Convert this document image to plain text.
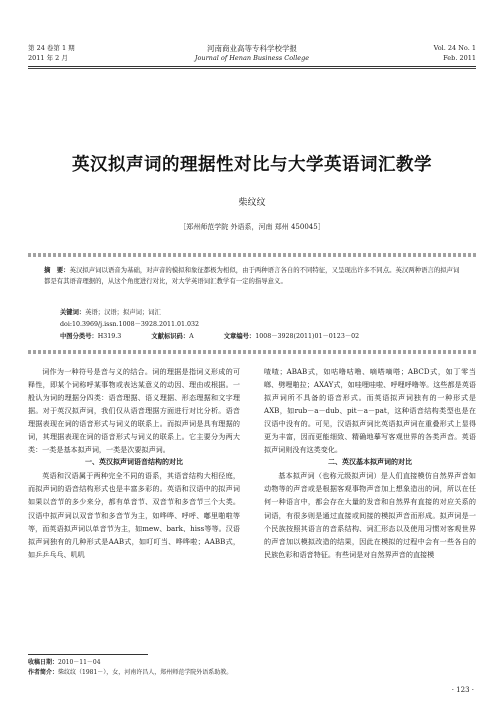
第 24 卷第 1 期
2011 年 2 月
河南商业高等专科学校学报
Journal of Henan Business College
Vol. 24 No. 1
Feb. 2011
英汉拟声词的理据性对比与大学英语词汇教学
柴纹纹
［郑州师范学院 外语系，河南 郑州 450045］
摘　要：英汉拟声词以语音为基础，对声音的模拟和象征都极为相似，由于两种语言各自的不同特征，又呈现出许多不同点。英汉两种语言的拟声词都是有其语音理据的，从这个角度进行对比，对大学英语词汇教学有一定的指导意义。
关键词：英语；汉语；拟声词；词汇
doi:10.3969/j.issn.1008－3928.2011.01.032
中图分类号：H319.3	文献标识码：A	文章编号：1008－3928(2011)01－0123－02

词作为一种符号是音与义的结合。词的理据是指词义形成的可释性，即某个词称呼某事物或表达某意义的动因、理由或根据。一般认为词的理据分四类：语音理据、语义理据、形态理据和文字理据。对于英汉拟声词，我们仅从语音理据方面进行对比分析。语音理据表现在词的语音形式与词义的联系上。而拟声词是具有理据的词，其理据表现在词的语音形式与词义的联系上。它主要分为两大类：一类是基本拟声词，一类是次要拟声词。

一、英汉拟声词语音结构的对比

英语和汉语属于两种完全不同的语系，其语音结构大相径庭，而拟声词的语音结构形式也是丰富多彩的。英语和汉语中的拟声词如果以音节的多少来分，都有单音节、双音节和多音节三个大类。汉语中拟声词以双音节和多音节为主，如哗哗、呼呼、嘟里啪啦等等，而英语拟声词以单音节为主，如mew、bark、hiss等等。汉语拟声词独有的几种形式是AAB式，如叮叮当、哗哗啦；AABB式，如乒乒乓乓、叽叽

喳喳；ABAB式，如咕噜咕噜、嘀嗒嘀嗒；ABCD式，如丁零当啷、劈哩啪拉；AXAY式，如哇哩哇啦、呼哩呼噜等。这些都是英语拟声词所不具备的语音形式。而英语拟声词独有的一种形式是AXB，如rub－a－dub、pit－a－pat，这种语音结构类型也是在汉语中没有的。可见，汉语拟声词比英语拟声词在重叠形式上显得更为丰富，因而更能细致、精确地摹写客观世界的各类声音。英语拟声词则没有这类变化。

二、英汉基本拟声词的对比

基本拟声词（也称元级拟声词）是人们直接模仿自然界声音如动物等的声音或是根据客观事物声音加上想象造出的词，所以在任何一种语言中，都会存在大量的发音和自然界有直接的对应关系的词语，有很多则是通过直接或间接的模拟声音而形成。拟声词是一个民族按照其语言的音系结构、词汇形态以及使用习惯对客观世界的声音加以模拟改造的结果，因此在模拟的过程中会有一些各自的民族色彩和语音特征。有些词是对自然界声音的直接模

收稿日期：2010－11－04
作者简介：柴纹纹（1981－），女，河南许昌人，郑州师范学院外语系助教。
· 123 ·
